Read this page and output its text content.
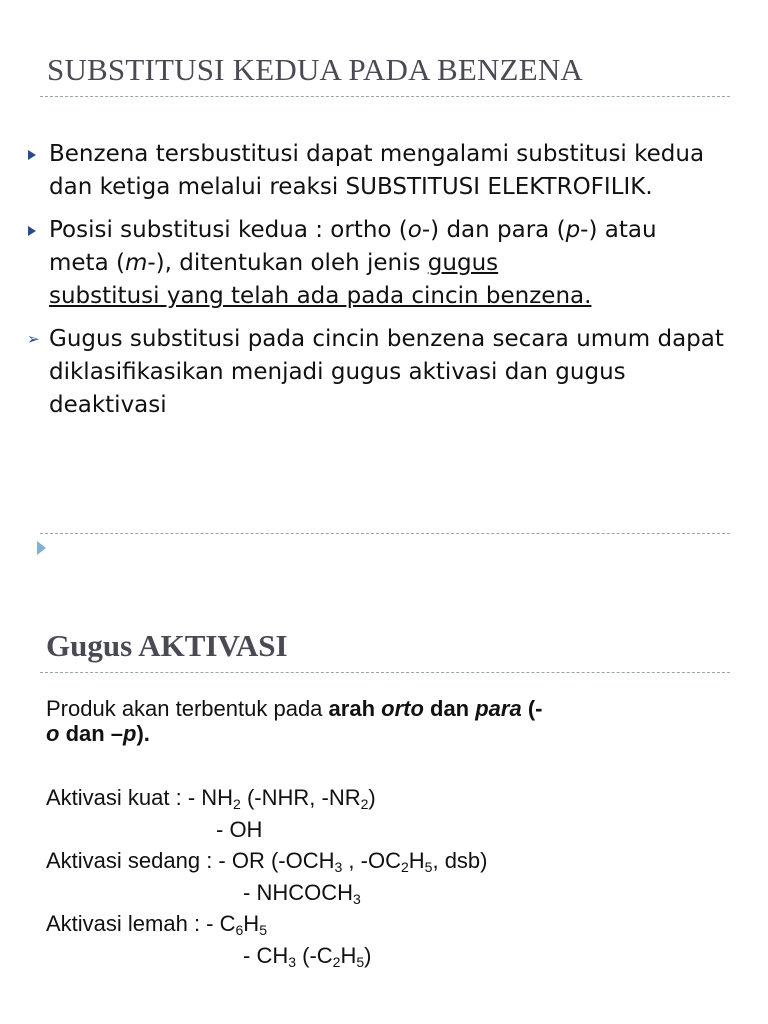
SUBSTITUSI KEDUA PADA BENZENA
Benzena tersbustitusi dapat mengalami substitusi kedua dan ketiga melalui reaksi SUBSTITUSI ELEKTROFILIK.
Posisi substitusi kedua : ortho (o-) dan para (p-) atau
meta (m-), ditentukan oleh jenis gugus
substitusi yang telah ada pada cincin benzena.
➢ Gugus substitusi pada cincin benzena secara umum dapat diklasifikasikan menjadi gugus aktivasi dan gugus deaktivasi
Gugus AKTIVASI

Produk akan terbentuk pada arah orto dan para (-
o dan –p).

Aktivasi kuat : - $NH_2$ (-NHR, $-NR_2$)
- OH
Aktivasi sedang : - OR ($-OCH_3$ , $-OC_2H_5$, dsb)
- $NHCOCH_3$
Aktivasi lemah : - $C_6H_5$
- $CH_3$ $(-C_2H_5)$
